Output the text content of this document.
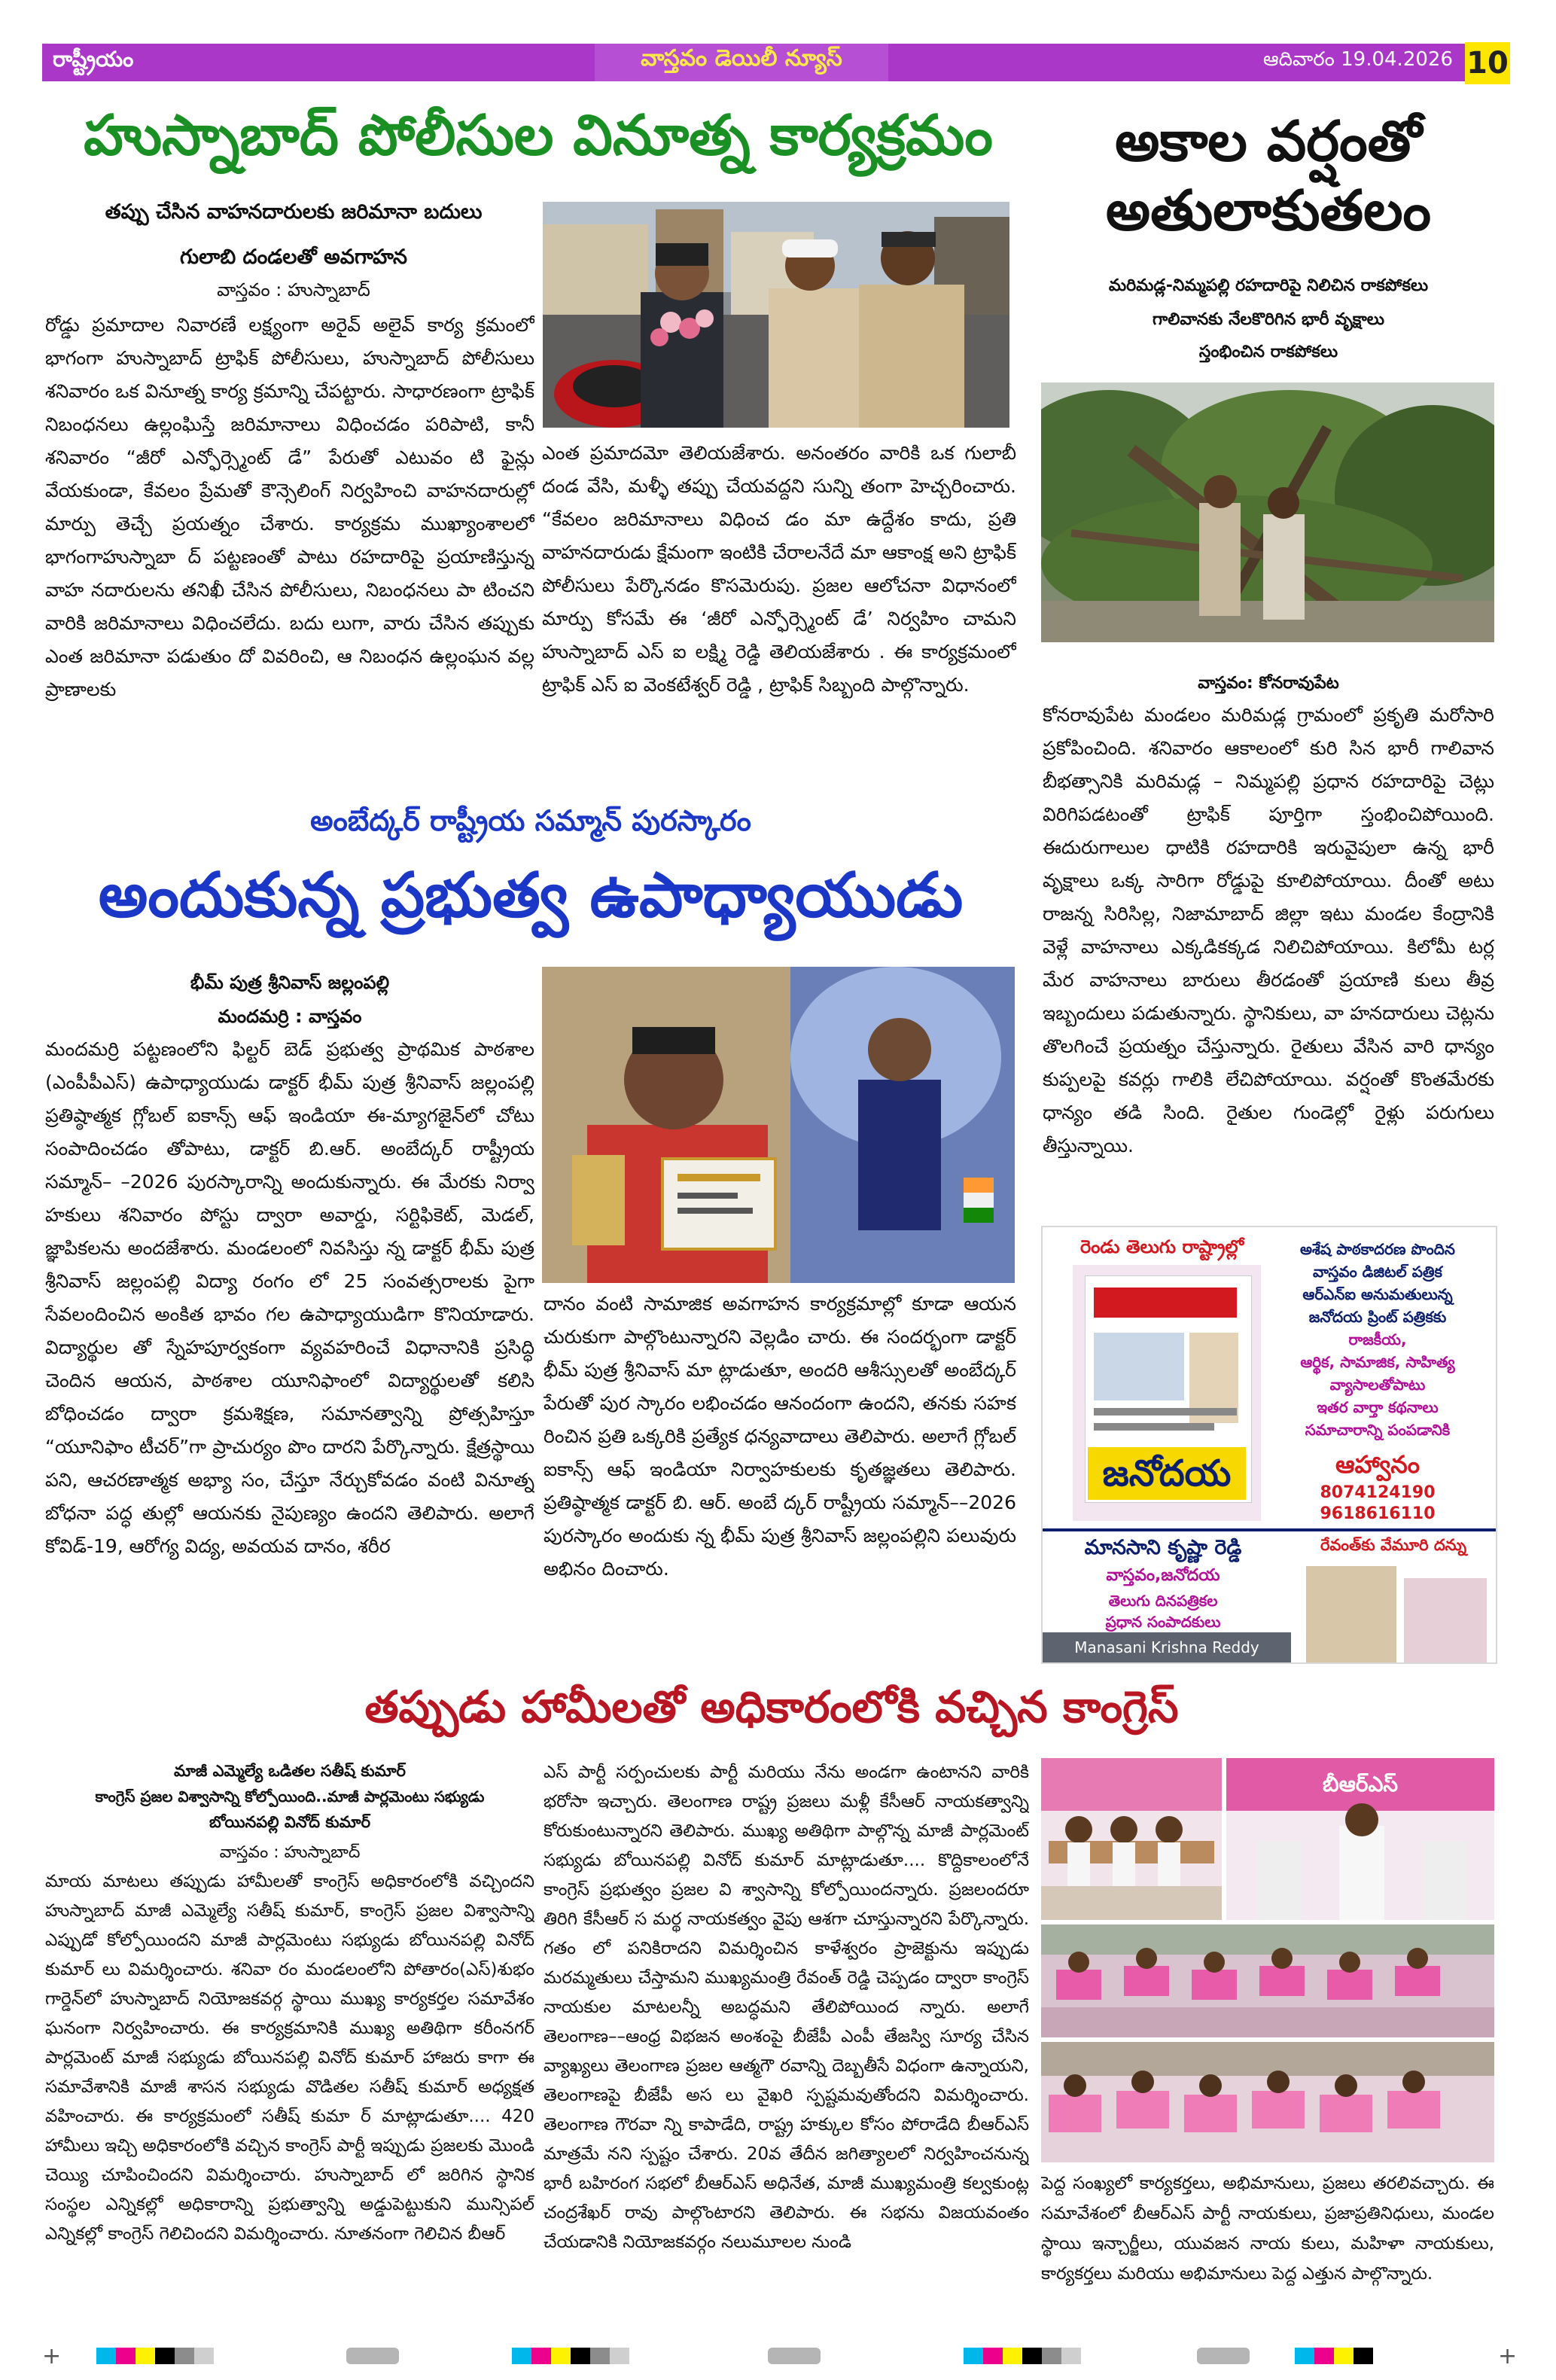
రాష్ట్రీయం	వాస్తవం డెయిలీ న్యూస్	ఆదివారం 19.04.2026 10
హుస్నాబాద్ పోలీసుల వినూత్న కార్యక్రమం
తప్పు చేసిన వాహనదారులకు జరిమానా బదులు
గులాబి దండలతో అవగాహన
వాస్తవం : హుస్నాబాద్

రోడ్డు ప్రమాదాల నివారణే లక్ష్యంగా అరైవ్ అలైవ్ కార్య క్రమంలో భాగంగా హుస్నాబాద్ ట్రాఫిక్ పోలీసులు, హుస్నాబాద్ పోలీసులు శనివారం ఒక వినూత్న కార్య క్రమాన్ని చేపట్టారు. సాధారణంగా ట్రాఫిక్ నిబంధనలు ఉల్లంఘిస్తే జరిమానాలు విధించడం పరిపాటి, కానీ శనివారం “జీరో ఎన్ఫోర్స్మెంట్ డే” పేరుతో ఎటువం టి ఫైన్లు వేయకుండా, కేవలం ప్రేమతో కౌన్సెలింగ్ నిర్వహించి వాహనదారుల్లో మార్పు తెచ్చే ప్రయత్నం చేశారు. కార్యక్రమ ముఖ్యాంశాలలో భాగంగాహుస్నాబా ద్ పట్టణంతో పాటు రహదారిపై ప్రయాణిస్తున్న వాహ నదారులను తనిఖీ చేసిన పోలీసులు, నిబంధనలు పా టించని వారికి జరిమానాలు విధించలేదు. బదు లుగా, వారు చేసిన తప్పుకు ఎంత జరిమానా పడుతుం దో వివరించి, ఆ నిబంధన ఉల్లంఘన వల్ల ప్రాణాలకు

ఎంత ప్రమాదమో తెలియజేశారు. అనంతరం వారికి ఒక గులాబీ దండ వేసి, మళ్ళీ తప్పు చేయవద్దని సున్ని తంగా హెచ్చరించారు. “కేవలం జరిమానాలు విధించ డం మా ఉద్దేశం కాదు, ప్రతి వాహనదారుడు క్షేమంగా ఇంటికి చేరాలనేదే మా ఆకాంక్ష అని ట్రాఫిక్ పోలీసులు పేర్కొనడం కొసమెరుపు. ప్రజల ఆలోచనా విధానంలో మార్పు కోసమే ఈ ‘జీరో ఎన్ఫోర్స్మెంట్ డే’ నిర్వహిం చామని హుస్నాబాద్ ఎస్ ఐ లక్ష్మి రెడ్డి తెలియజేశారు . ఈ కార్యక్రమంలో ట్రాఫిక్ ఎస్ ఐ వెంకటేశ్వర్ రెడ్డి , ట్రాఫిక్ సిబ్బంది పాల్గొన్నారు.

అకాల వర్షంతో
అతులాకుతలం
మరిమడ్ల-నిమ్మపల్లి రహదారిపై నిలిచిన రాకపోకలు
గాలివానకు నేలకొరిగిన భారీ వృక్షాలు
స్తంభించిన రాకపోకలు
వాస్తవం: కోనరావుపేట

కోనరావుపేట మండలం మరిమడ్ల గ్రామంలో ప్రకృతి మరోసారి ప్రకోపించింది. శనివారం ఆకాలంలో కురి సిన భారీ గాలివాన బీభత్సానికి మరిమడ్ల – నిమ్మపల్లి ప్రధాన రహదారిపై చెట్లు విరిగిపడటంతో ట్రాఫిక్ పూర్తిగా స్తంభించిపోయింది. ఈదురుగాలుల ధాటికి రహదారికి ఇరువైపులా ఉన్న భారీ వృక్షాలు ఒక్క సారిగా రోడ్డుపై కూలిపోయాయి. దీంతో అటు రాజన్న సిరిసిల్ల, నిజామాబాద్ జిల్లా ఇటు మండల కేంద్రానికి వెళ్లే వాహనాలు ఎక్కడికక్కడ నిలిచిపోయాయి. కిలోమీ టర్ల మేర వాహనాలు బారులు తీరడంతో ప్రయాణి కులు తీవ్ర ఇబ్బందులు పడుతున్నారు. స్థానికులు, వా హనదారులు చెట్లను తొలగించే ప్రయత్నం చేస్తున్నారు. రైతులు వేసిన వారి ధాన్యం కుప్పలపై కవర్లు గాలికి లేచిపోయాయి. వర్షంతో కొంతమేరకు ధాన్యం తడి సింది. రైతుల గుండెల్లో రైళ్లు పరుగులు తీస్తున్నాయి.

అంబేద్కర్ రాష్ట్రీయ సమ్మాన్ పురస్కారం
అందుకున్న ప్రభుత్వ ఉపాధ్యాయుడు
భీమ్ పుత్ర శ్రీనివాస్ జల్లంపల్లి
మందమర్రి : వాస్తవం

మందమర్రి పట్టణంలోని ఫిల్టర్ బెడ్ ప్రభుత్వ ప్రాథమిక పాఠశాల (ఎంపీపీఎస్) ఉపాధ్యాయుడు డాక్టర్ భీమ్ పుత్ర శ్రీనివాస్ జల్లంపల్లి ప్రతిష్ఠాత్మక గ్లోబల్ ఐకాన్స్ ఆఫ్ ఇండియా ఈ-మ్యాగజైన్‌లో చోటు సంపాదించడం తోపాటు, డాక్టర్ బి.ఆర్. అంబేద్కర్ రాష్ట్రీయ సమ్మాన్– –2026 పురస్కారాన్ని అందుకున్నారు. ఈ మేరకు నిర్వా హకులు శనివారం పోస్టు ద్వారా అవార్డు, సర్టిఫికెట్, మెడల్, జ్ఞాపికలను అందజేశారు. మండలంలో నివసిస్తు న్న డాక్టర్ భీమ్ పుత్ర శ్రీనివాస్ జల్లంపల్లి విద్యా రంగం లో 25 సంవత్సరాలకు పైగా సేవలందించిన అంకిత భావం గల ఉపాధ్యాయుడిగా కొనియాడారు. విద్యార్థుల తో స్నేహపూర్వకంగా వ్యవహరించే విధానానికి ప్రసిద్ధి చెందిన ఆయన, పాఠశాల యూనిఫాంలో విద్యార్థులతో కలిసి బోధించడం ద్వారా క్రమశిక్షణ, సమానత్వాన్ని ప్రోత్సహిస్తూ “యూనిఫాం టీచర్”గా ప్రాచుర్యం పొం దారని పేర్కొన్నారు. క్షేత్రస్థాయి పని, ఆచరణాత్మక అభ్యా సం, చేస్తూ నేర్చుకోవడం వంటి వినూత్న బోధనా పద్ధ తుల్లో ఆయనకు నైపుణ్యం ఉందని తెలిపారు. అలాగే కోవిడ్-19, ఆరోగ్య విద్య, అవయవ దానం, శరీర

దానం వంటి సామాజిక అవగాహన కార్యక్రమాల్లో కూడా ఆయన చురుకుగా పాల్గొంటున్నారని వెల్లడిం చారు. ఈ సందర్భంగా డాక్టర్ భీమ్ పుత్ర శ్రీనివాస్ మా ట్లాడుతూ, అందరి ఆశీస్సులతో అంబేద్కర్ పేరుతో పుర స్కారం లభించడం ఆనందంగా ఉందని, తనకు సహక రించిన ప్రతి ఒక్కరికి ప్రత్యేక ధన్యవాదాలు తెలిపారు. అలాగే గ్లోబల్ ఐకాన్స్ ఆఫ్ ఇండియా నిర్వాహకులకు కృతజ్ఞతలు తెలిపారు. ప్రతిష్ఠాత్మక డాక్టర్ బి. ఆర్. అంబే ద్కర్ రాష్ట్రీయ సమ్మాన్––2026 పురస్కారం అందుకు న్న భీమ్ పుత్ర శ్రీనివాస్ జల్లంపల్లిని పలువురు అభినం దించారు.

రెండు తెలుగు రాష్ట్రాల్లో
జనోదయ
అశేష పాఠకాదరణ పొందిన
వాస్తవం డిజిటల్ పత్రిక
ఆర్ఎన్ఐ అనుమతులున్న
జనోదయ ప్రింట్ పత్రికకు
రాజకీయ,
ఆర్థిక, సామాజిక, సాహిత్య
వ్యాసాలతోపాటు
ఇతర వార్తా కథనాలు
సమాచారాన్ని పంపడానికి
ఆహ్వానం
8074124190
9618616110
మానసాని కృష్ణా రెడ్డి
వాస్తవం,జనోదయ
తెలుగు దినపత్రికల
ప్రధాన సంపాదకులు
Manasani Krishna Reddy
రేవంత్‌కు వేమూరి దన్ను
తప్పుడు హామీలతో అధికారంలోకి వచ్చిన కాంగ్రెస్
మాజీ ఎమ్మెల్యే ఒడితల సతీష్ కుమార్
కాంగ్రెస్ ప్రజల విశ్వాసాన్ని కోల్పోయింది..మాజీ పార్లమెంటు సభ్యుడు
బోయినపల్లి వినోద్ కుమార్
వాస్తవం : హుస్నాబాద్

మాయ మాటలు తప్పుడు హామీలతో కాంగ్రెస్ అధికారంలోకి వచ్చిందని హుస్నాబాద్ మాజీ ఎమ్మెల్యే సతీష్ కుమార్, కాంగ్రెస్ ప్రజల విశ్వాసాన్ని ఎప్పుడో కోల్పోయిందని మాజీ పార్లమెంటు సభ్యుడు బోయినపల్లి వినోద్ కుమార్ లు విమర్శించారు. శనివా రం మండలంలోని పోతారం(ఎస్)శుభం గార్డెన్‌లో హుస్నాబాద్ నియోజకవర్గ స్థాయి ముఖ్య కార్యకర్తల సమావేశం ఘనంగా నిర్వహించారు. ఈ కార్యక్రమానికి ముఖ్య అతిథిగా కరీంనగర్ పార్లమెంట్ మాజీ సభ్యుడు బోయినపల్లి వినోద్ కుమార్ హాజరు కాగా ఈ సమావేశానికి మాజీ శాసన సభ్యుడు వొడితల సతీష్ కుమార్ అధ్యక్షత వహించారు. ఈ కార్యక్రమంలో సతీష్ కుమా ర్ మాట్లాడుతూ.... 420 హామీలు ఇచ్చి అధికారంలోకి వచ్చిన కాంగ్రెస్ పార్టీ ఇప్పుడు ప్రజలకు మొండి చెయ్యి చూపించిందని విమర్శించారు. హుస్నాబాద్ లో జరిగిన స్థానిక సంస్థల ఎన్నికల్లో అధికారాన్ని ప్రభుత్వాన్ని అడ్డుపెట్టుకుని మున్సిపల్ ఎన్నికల్లో కాంగ్రెస్ గెలిచిందని విమర్శించారు. నూతనంగా గెలిచిన బీఆర్

ఎస్ పార్టీ సర్పంచులకు పార్టీ మరియు నేను అండగా ఉంటానని వారికి భరోసా ఇచ్చారు. తెలంగాణ రాష్ట్ర ప్రజలు మళ్లీ కేసీఆర్ నాయకత్వాన్ని కోరుకుంటున్నారని తెలిపారు. ముఖ్య అతిథిగా పాల్గొన్న మాజీ పార్లమెంట్ సభ్యుడు బోయినపల్లి వినోద్ కుమార్ మాట్లాడుతూ.... కొద్దికాలంలోనే కాంగ్రెస్ ప్రభుత్వం ప్రజల వి శ్వాసాన్ని కోల్పోయిందన్నారు. ప్రజలందరూ తిరిగి కేసీఆర్ స మర్థ నాయకత్వం వైపు ఆశగా చూస్తున్నారని పేర్కొన్నారు. గతం లో పనికిరాదని విమర్శించిన కాళేశ్వరం ప్రాజెక్టును ఇప్పుడు మరమ్మతులు చేస్తామని ముఖ్యమంత్రి రేవంత్ రెడ్డి చెప్పడం ద్వారా కాంగ్రెస్ నాయకుల మాటలన్నీ అబద్ధమని తేలిపోయింద న్నారు. అలాగే తెలంగాణ––ఆంధ్ర విభజన అంశంపై బీజేపీ ఎంపీ తేజస్వి సూర్య చేసిన వ్యాఖ్యలు తెలంగాణ ప్రజల ఆత్మగౌ రవాన్ని దెబ్బతీసే విధంగా ఉన్నాయని, తెలంగాణపై బీజేపీ అస లు వైఖరి స్పష్టమవుతోందని విమర్శించారు. తెలంగాణ గౌరవా న్ని కాపాడేది, రాష్ట్ర హక్కుల కోసం పోరాడేది బీఆర్ఎస్ మాత్రమే నని స్పష్టం చేశారు. 20వ తేదీన జగిత్యాలలో నిర్వహించనున్న భారీ బహిరంగ సభలో బీఆర్ఎస్ అధినేత, మాజీ ముఖ్యమంత్రి కల్వకుంట్ల చంద్రశేఖర్ రావు పాల్గొంటారని తెలిపారు. ఈ సభను విజయవంతం చేయడానికి నియోజకవర్గం నలుమూలల నుండి

బీఆర్ఎస్

పెద్ద సంఖ్యలో కార్యకర్తలు, అభిమానులు, ప్రజలు తరలివచ్చారు. ఈ సమావేశంలో బీఆర్ఎస్ పార్టీ నాయకులు, ప్రజాప్రతినిధులు, మండల స్థాయి ఇన్చార్జీలు, యువజన నాయ కులు, మహిళా నాయకులు, కార్యకర్తలు మరియు అభిమానులు పెద్ద ఎత్తున పాల్గొన్నారు.

+	+
